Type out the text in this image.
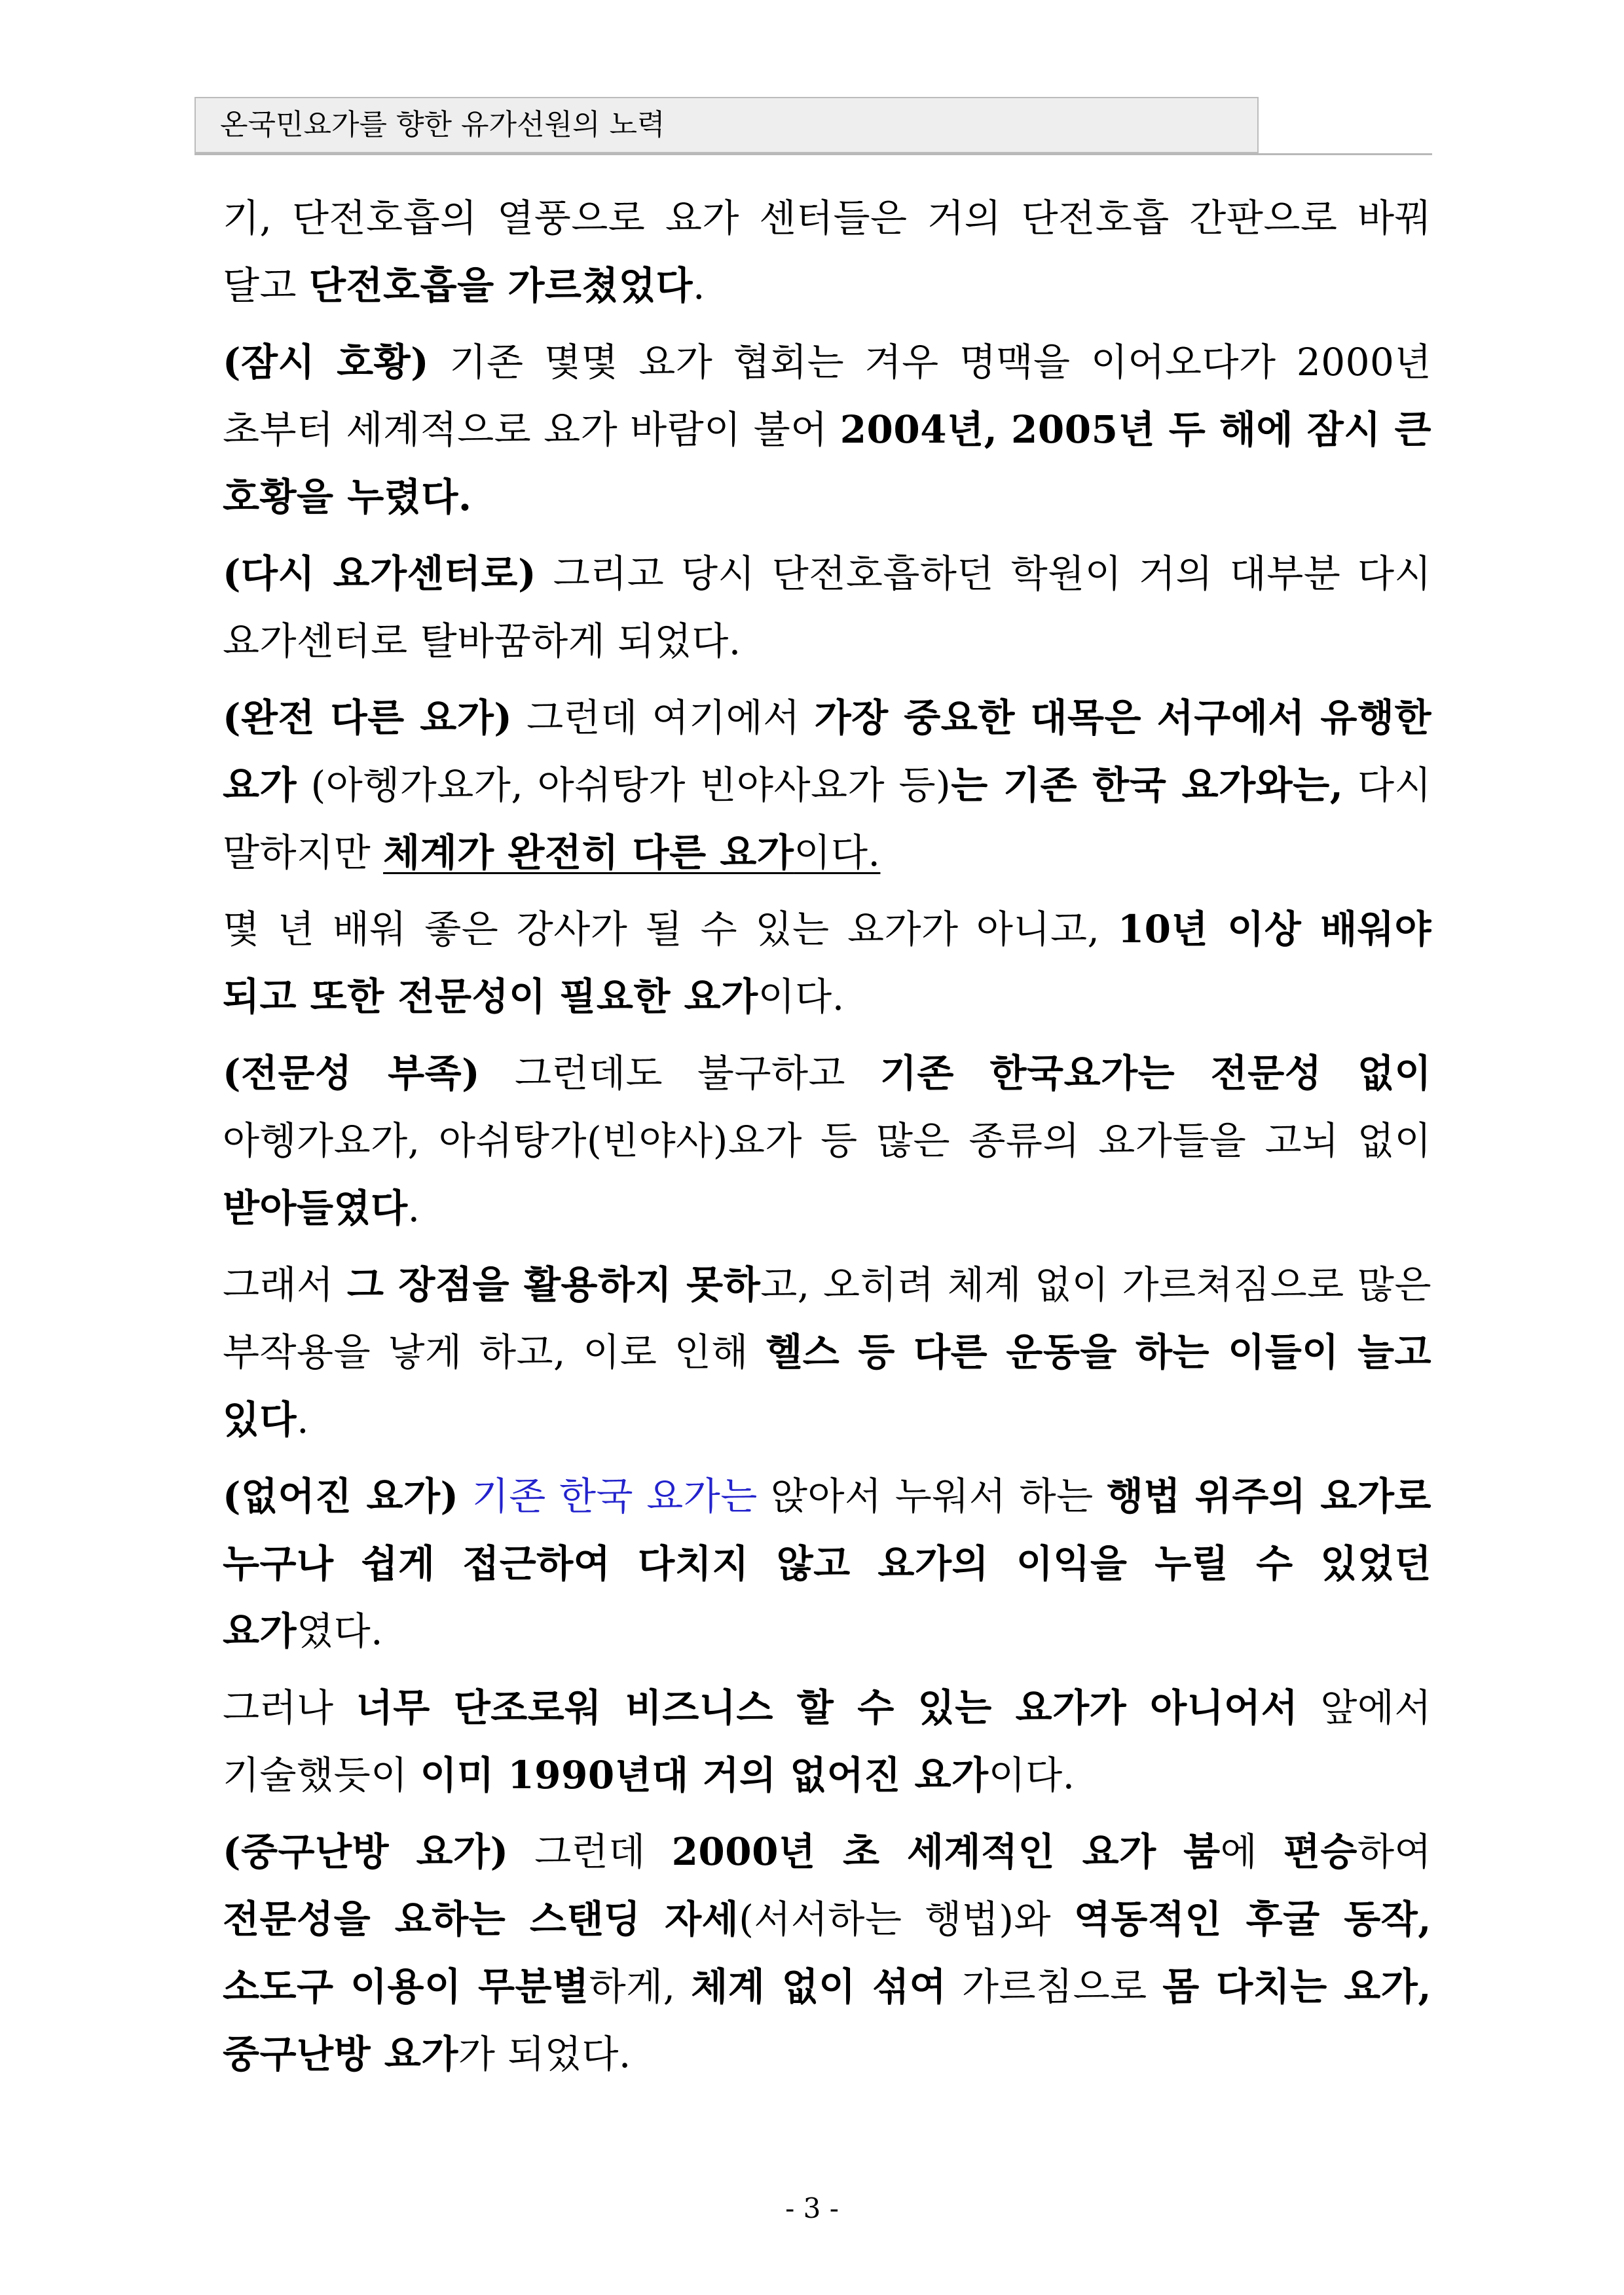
온국민요가를 향한 유가선원의 노력

기, 단전호흡의 열풍으로 요가 센터들은 거의 단전호흡 간판으로 바꿔 달고 단전호흡을 가르쳤었다.

(잠시 호황) 기존 몇몇 요가 협회는 겨우 명맥을 이어오다가 2000년 초부터 세계적으로 요가 바람이 불어 2004년, 2005년 두 해에 잠시 큰 호황을 누렸다.

(다시 요가센터로) 그리고 당시 단전호흡하던 학원이 거의 대부분 다시 요가센터로 탈바꿈하게 되었다.

(완전 다른 요가) 그런데 여기에서 가장 중요한 대목은 서구에서 유행한 요가 (아헹가요가, 아쉬탕가 빈야사요가 등)는 기존 한국 요가와는, 다시 말하지만 체계가 완전히 다른 요가이다.

몇 년 배워 좋은 강사가 될 수 있는 요가가 아니고, 10년 이상 배워야 되고 또한 전문성이 필요한 요가이다.

(전문성 부족) 그런데도 불구하고 기존 한국요가는 전문성 없이 아헹가요가, 아쉬탕가(빈야사)요가 등 많은 종류의 요가들을 고뇌 없이 받아들였다.

그래서 그 장점을 활용하지 못하고, 오히려 체계 없이 가르쳐짐으로 많은 부작용을 낳게 하고, 이로 인해 헬스 등 다른 운동을 하는 이들이 늘고 있다.

(없어진 요가) 기존 한국 요가는 앉아서 누워서 하는 행법 위주의 요가로 누구나 쉽게 접근하여 다치지 않고 요가의 이익을 누릴 수 있었던 요가였다.

그러나 너무 단조로워 비즈니스 할 수 있는 요가가 아니어서 앞에서 기술했듯이 이미 1990년대 거의 없어진 요가이다.

(중구난방 요가) 그런데 2000년 초 세계적인 요가 붐에 편승하여 전문성을 요하는 스탠딩 자세(서서하는 행법)와 역동적인 후굴 동작, 소도구 이용이 무분별하게, 체계 없이 섞여 가르침으로 몸 다치는 요가, 중구난방 요가가 되었다.

- 3 -
